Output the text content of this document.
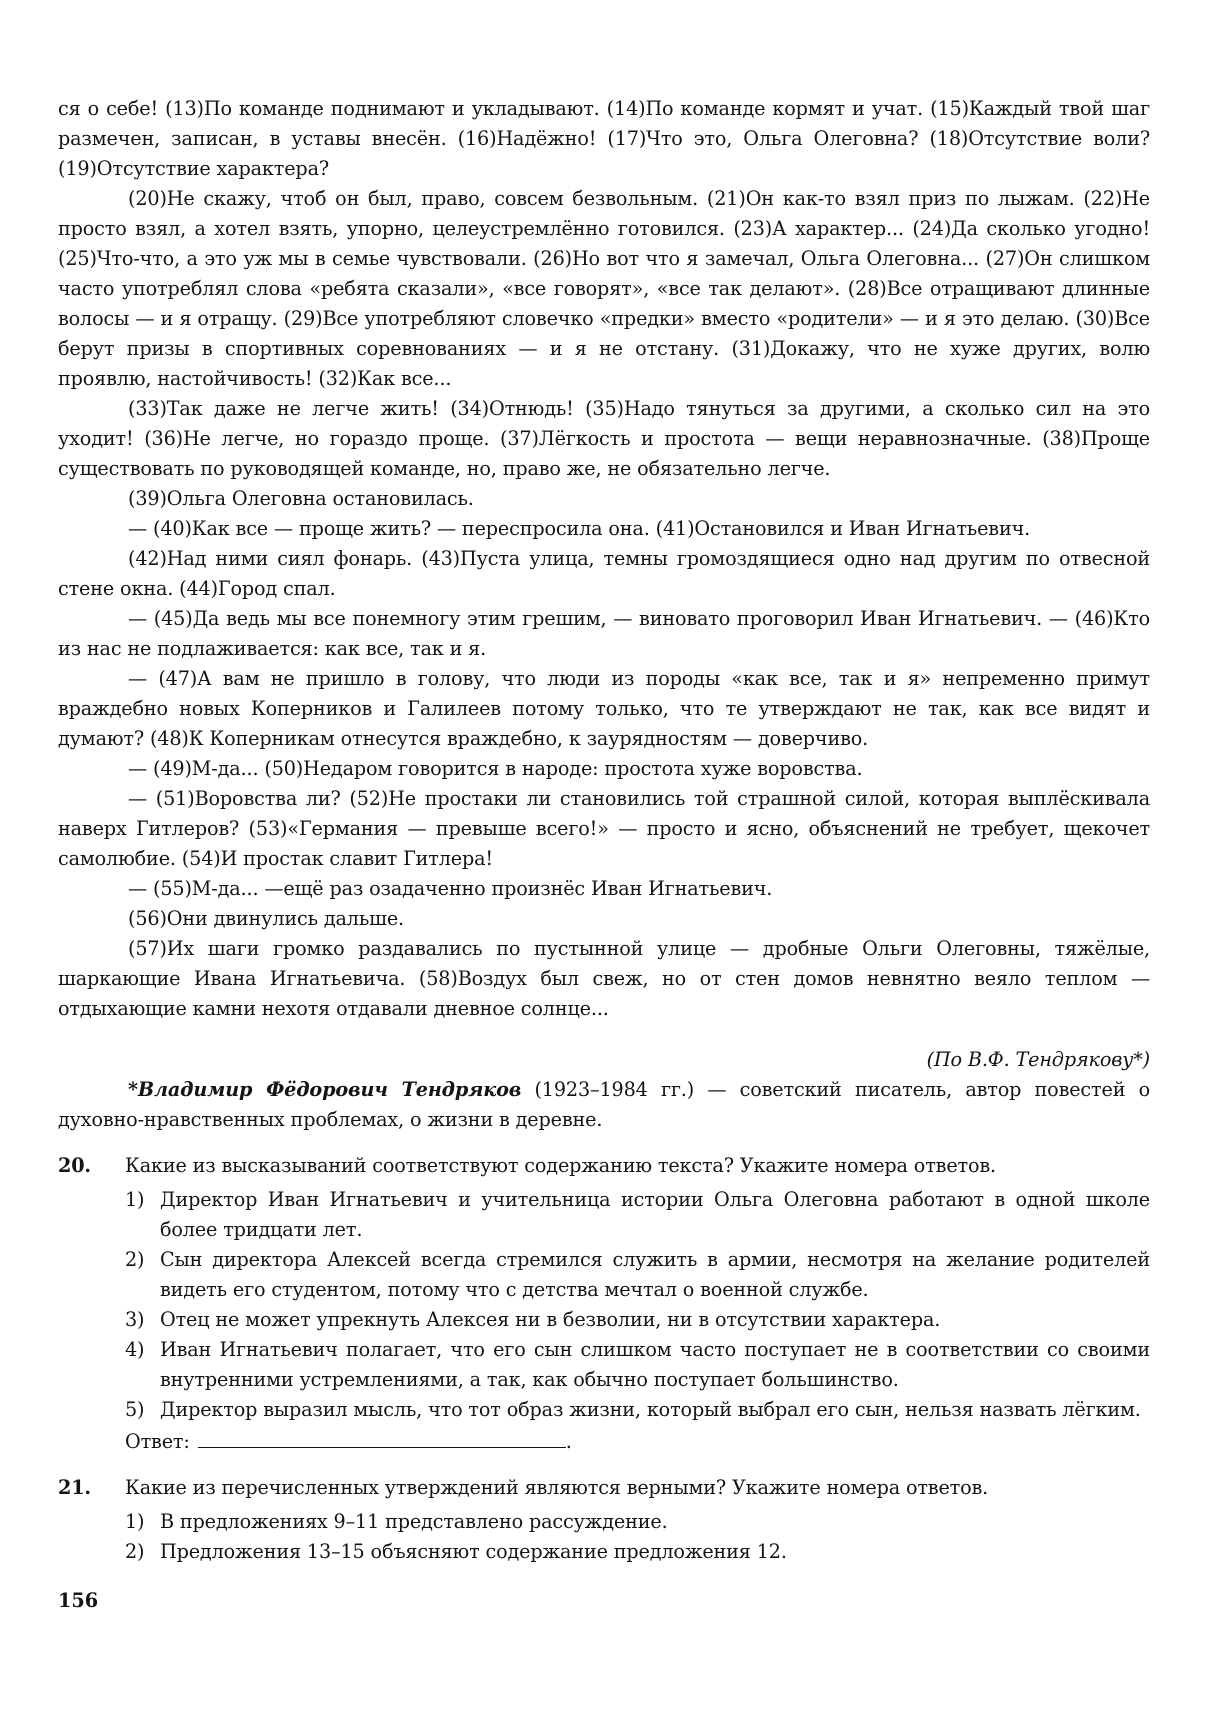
ся о себе! (13)По команде поднимают и укладывают. (14)По команде кормят и учат. (15)Каждый твой шаг размечен, записан, в уставы внесён. (16)Надёжно! (17)Что это, Ольга Олеговна? (18)Отсутствие воли? (19)Отсутствие характера?

(20)Не скажу, чтоб он был, право, совсем безвольным. (21)Он как-то взял приз по лыжам. (22)Не просто взял, а хотел взять, упорно, целеустремлённо готовился. (23)А характер... (24)Да сколько угодно! (25)Что-что, а это уж мы в семье чувствовали. (26)Но вот что я замечал, Ольга Олеговна... (27)Он слишком часто употреблял слова «ребята сказали», «все говорят», «все так делают». (28)Все отращивают длинные волосы — и я отращу. (29)Все употребляют словечко «предки» вместо «родители» — и я это делаю. (30)Все берут призы в спортивных соревнованиях — и я не отстану. (31)Докажу, что не хуже других, волю проявлю, настойчивость! (32)Как все...

(33)Так даже не легче жить! (34)Отнюдь! (35)Надо тянуться за другими, а сколько сил на это уходит! (36)Не легче, но гораздо проще. (37)Лёгкость и простота — вещи неравнозначные. (38)Проще существовать по руководящей команде, но, право же, не обязательно легче.

(39)Ольга Олеговна остановилась.

— (40)Как все — проще жить? — переспросила она. (41)Остановился и Иван Игнатьевич.

(42)Над ними сиял фонарь. (43)Пуста улица, темны громоздящиеся одно над другим по отвесной стене окна. (44)Город спал.

— (45)Да ведь мы все понемногу этим грешим, — виновато проговорил Иван Игнатьевич. — (46)Кто из нас не подлаживается: как все, так и я.

— (47)А вам не пришло в голову, что люди из породы «как все, так и я» непременно примут враждебно новых Коперников и Галилеев потому только, что те утверждают не так, как все видят и думают? (48)К Коперникам отнесутся враждебно, к заурядностям — доверчиво.

— (49)М-да... (50)Недаром говорится в народе: простота хуже воровства.

— (51)Воровства ли? (52)Не простаки ли становились той страшной силой, которая выплёскивала наверх Гитлеров? (53)«Германия — превыше всего!» — просто и ясно, объяснений не требует, щекочет самолюбие. (54)И простак славит Гитлера!

— (55)М-да... —ещё раз озадаченно произнёс Иван Игнатьевич.

(56)Они двинулись дальше.

(57)Их шаги громко раздавались по пустынной улице — дробные Ольги Олеговны, тяжёлые, шаркающие Ивана Игнатьевича. (58)Воздух был свеж, но от стен домов невнятно веяло теплом — отдыхающие камни нехотя отдавали дневное солнце...

(По В.Ф. Тендрякову*)

*Владимир Фёдорович Тендряков (1923–1984 гг.) — советский писатель, автор повестей о духовно-нравственных проблемах, о жизни в деревне.

20. Какие из высказываний соответствуют содержанию текста? Укажите номера ответов.

1) Директор Иван Игнатьевич и учительница истории Ольга Олеговна работают в одной школе более тридцати лет.
2) Сын директора Алексей всегда стремился служить в армии, несмотря на желание родителей видеть его студентом, потому что с детства мечтал о военной службе.
3) Отец не может упрекнуть Алексея ни в безволии, ни в отсутствии характера.
4) Иван Игнатьевич полагает, что его сын слишком часто поступает не в соответствии со своими внутренними устремлениями, а так, как обычно поступает большинство.
5) Директор выразил мысль, что тот образ жизни, который выбрал его сын, нельзя назвать лёгким.
Ответ:	.
21. Какие из перечисленных утверждений являются верными? Укажите номера ответов.

1) В предложениях 9–11 представлено рассуждение.
2) Предложения 13–15 объясняют содержание предложения 12.
156
